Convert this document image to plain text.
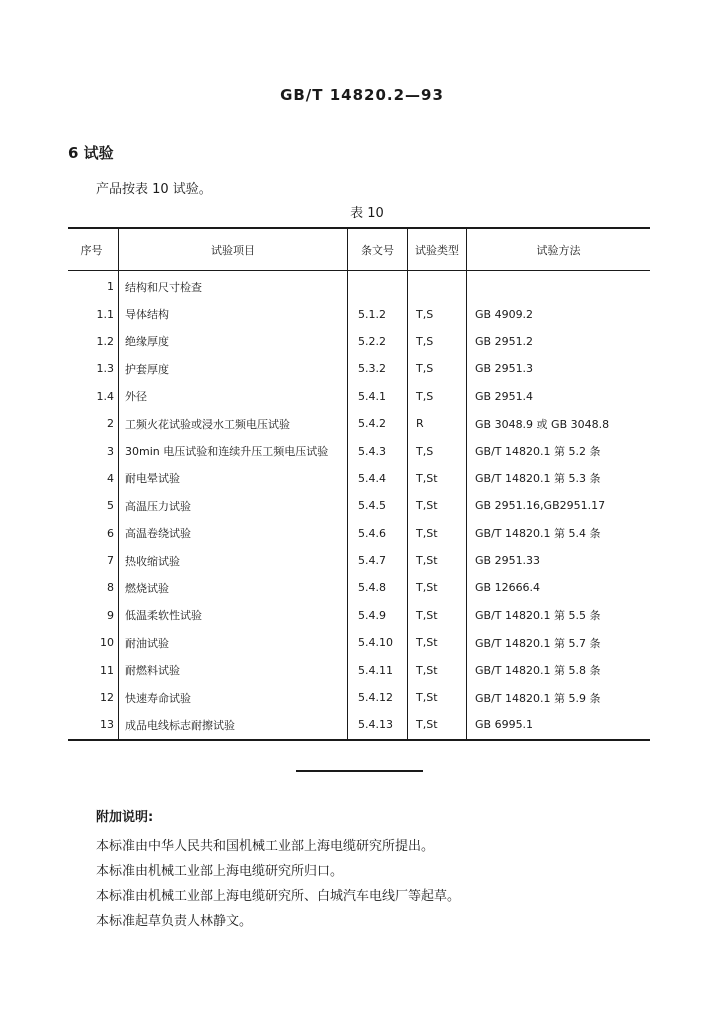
GB/T 14820.2—93
6 试验
产品按表 10 试验。
表 10
序号	试验项目	条文号	试验类型	试验方法
1	结构和尺寸检查			
1.1	导体结构	5.1.2	T,S	GB 4909.2
1.2	绝缘厚度	5.2.2	T,S	GB 2951.2
1.3	护套厚度	5.3.2	T,S	GB 2951.3
1.4	外径	5.4.1	T,S	GB 2951.4
2	工频火花试验或浸水工频电压试验	5.4.2	R	GB 3048.9 或 GB 3048.8
3	30min 电压试验和连续升压工频电压试验	5.4.3	T,S	GB/T 14820.1 第 5.2 条
4	耐电晕试验	5.4.4	T,St	GB/T 14820.1 第 5.3 条
5	高温压力试验	5.4.5	T,St	GB 2951.16,GB2951.17
6	高温卷绕试验	5.4.6	T,St	GB/T 14820.1 第 5.4 条
7	热收缩试验	5.4.7	T,St	GB 2951.33
8	燃烧试验	5.4.8	T,St	GB 12666.4
9	低温柔软性试验	5.4.9	T,St	GB/T 14820.1 第 5.5 条
10	耐油试验	5.4.10	T,St	GB/T 14820.1 第 5.7 条
11	耐燃料试验	5.4.11	T,St	GB/T 14820.1 第 5.8 条
12	快速寿命试验	5.4.12	T,St	GB/T 14820.1 第 5.9 条
13	成品电线标志耐擦试验	5.4.13	T,St	GB 6995.1
附加说明:
本标准由中华人民共和国机械工业部上海电缆研究所提出。
本标准由机械工业部上海电缆研究所归口。
本标准由机械工业部上海电缆研究所、白城汽车电线厂等起草。
本标准起草负责人林静文。
